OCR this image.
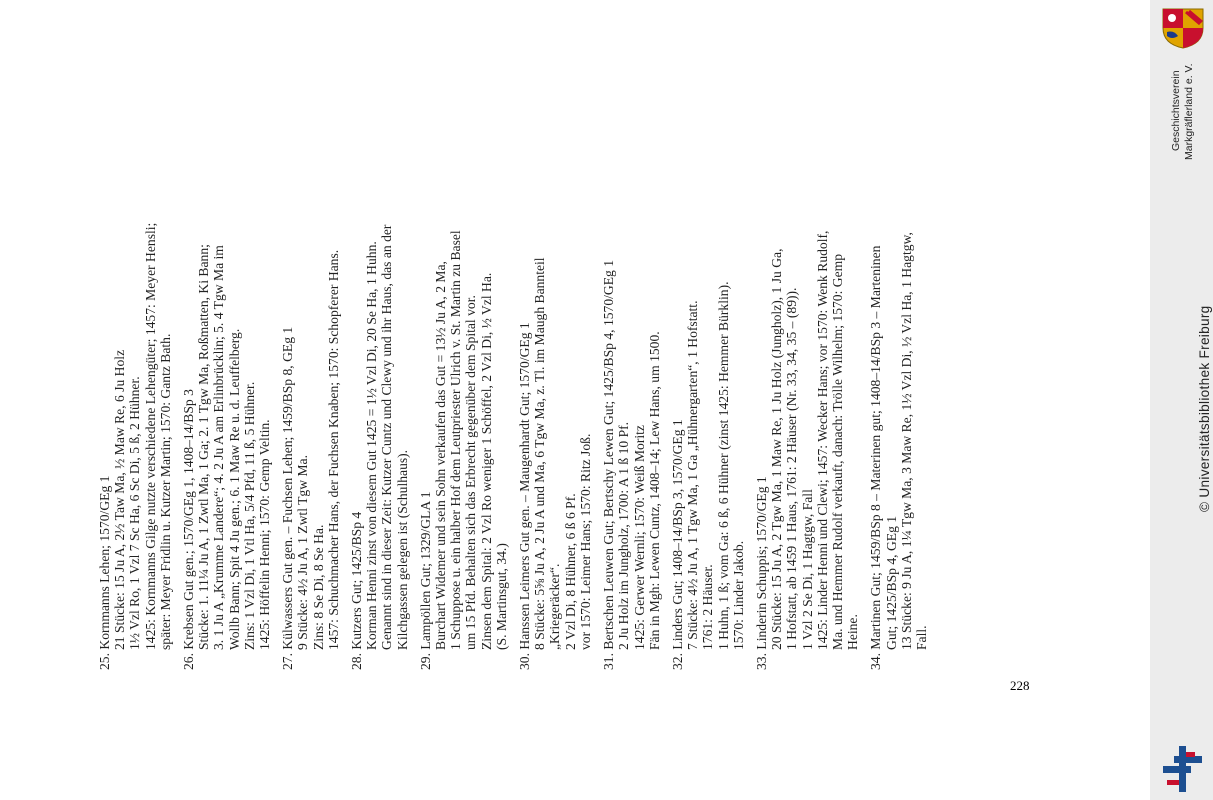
25. Kornmanns Lehen; 1570/GEg 1 21 Stücke: 15 Ju A, 2½ Taw Ma, ½ Maw Re, 6 Ju Holz 1½ Vzl Ro, 1 Vzl 7 Sc Ha, 6 Sc Di, 5 ß, 2 Hühner. 1425: Kornmanns Gilge nutzte verschiedene Lehengüter; 1457: Meyer Hensli; später: Meyer Fridlin u. Kutzer Martin; 1570: Gantz Bath. 26. Krebsen Gut gen.; 1570/GEg 1, 1408–14/BSp 3 Stücke: 1. 11¼ Ju A, 1 Zwtl Ma, 1 Ga; 2. 1 Tgw Ma, Roßmatten, Ki Bann; 3. 1 Ju A „Krumme Landere“; 4. 2 Ju A am Erlinbrücklin; 5. 4 Tgw Ma im Wollb Bann; Spit 4 Ju gen.; 6. 1 Maw Re u. d. Leuffelberg. Zins: 1 Vzl Di, 1 Vtl Ha, 5/4 Pfd, 11 ß, 5 Hühner. 1425: Höffelin Henni; 1570: Gemp Veltin. 27. Külwassers Gut gen. – Fuchsen Lehen; 1459/BSp 8, GEg 1 9 Stücke: 4½ Ju A, 1 Zwtl Tgw Ma. Zins: 8 Se Di, 8 Se Ha. 1457: Schuchmacher Hans, der Fuchsen Knaben; 1570: Schopferer Hans. 28. Kutzers Gut; 1425/BSp 4 Korman Henni zinst von diesem Gut 1425 = 1½ Vzl Di, 20 Se Ha, 1 Huhn. Genannt sind in dieser Zeit: Kutzer Cuntz und Clewy und ihr Haus, das an der Kilchgassen gelegen ist (Schulhaus). 29. Lampöllen Gut; 1329/GLA 1 Burchart Widemer und sein Sohn verkaufen das Gut = 13½ Ju A, 2 Ma, 1 Schuppose u. ein halber Hof dem Leutpriester Ulrich v. St. Martin zu Basel um 15 Pfd. Behalten sich das Erbrecht gegenüber dem Spital vor. Zinsen dem Spital: 2 Vzl Ro weniger 1 Schöffel, 2 Vzl Di, ½ Vzl Ha. (S. Martinsgut, 34.) 30. Hanssen Leimers Gut gen. – Maugenhardt Gut; 1570/GEg 1 8 Stücke: 5⅝ Ju A, 2 Ju A und Ma, 6 Tgw Ma, z. Tl. im Maugh Bannteil „Kriegeräcker“. 2 Vzl Di, 8 Hühner, 6 ß 6 Pf. vor 1570: Leimer Hans; 1570: Ritz Joß. 31. Bertschen Leuwen Gut; Bertschy Lewen Gut; 1425/BSp 4, 1570/GEg 1 2 Ju Holz im Jungholz, 1700: A 1 ß 10 Pf. 1425: Gerwer Wernli; 1570: Weiß Moritz Fän in Mgh: Lewen Cuntz, 1408–14; Lew Hans, um 1500. 32. Linders Gut; 1408–14/BSp 3, 1570/GEg 1 7 Stücke: 4½ Ju A, 1 Tgw Ma, 1 Ga „Hühnergarten“, 1 Hofstatt. 1761: 2 Häuser. 1 Huhn, 1 ß; vom Ga: 6 ß, 6 Hühner (zinst 1425: Hemmer Bürklin). 1570: Linder Jakob. 33. Linderin Schuppis; 1570/GEg 1 20 Stücke: 15 Ju A, 2 Tgw Ma, 1 Maw Re, 1 Ju Holz (Jungholz), 1 Ju Ga, 1 Hofstatt, ab 1459 1 Haus, 1761: 2 Häuser (Nr. 33, 34, 35 – (89)). 1 Vzl 2 Se Di, 1 Hagtgw, Fall 1425: Linder Henni und Clewi; 1457: Wecker Hans; vor 1570: Wenk Rudolf, Ma. und Hemmer Rudolf verkauft, danach: Trölle Wilhelm; 1570: Gemp Heine. 34. Martinen Gut; 1459/BSp 8 – Materinen gut; 1408–14/BSp 3 – Marteninen Gut; 1425/BSp 4, GEg 1 13 Stücke: 9 Ju A, 1¼ Tgw Ma, 3 Maw Re, 1½ Vzl Di, ½ Vzl Ha, 1 Hagtgw, Fall.
228
Geschichtsverein Markgräflerland e. V.
© Universitätsbibliothek Freiburg
